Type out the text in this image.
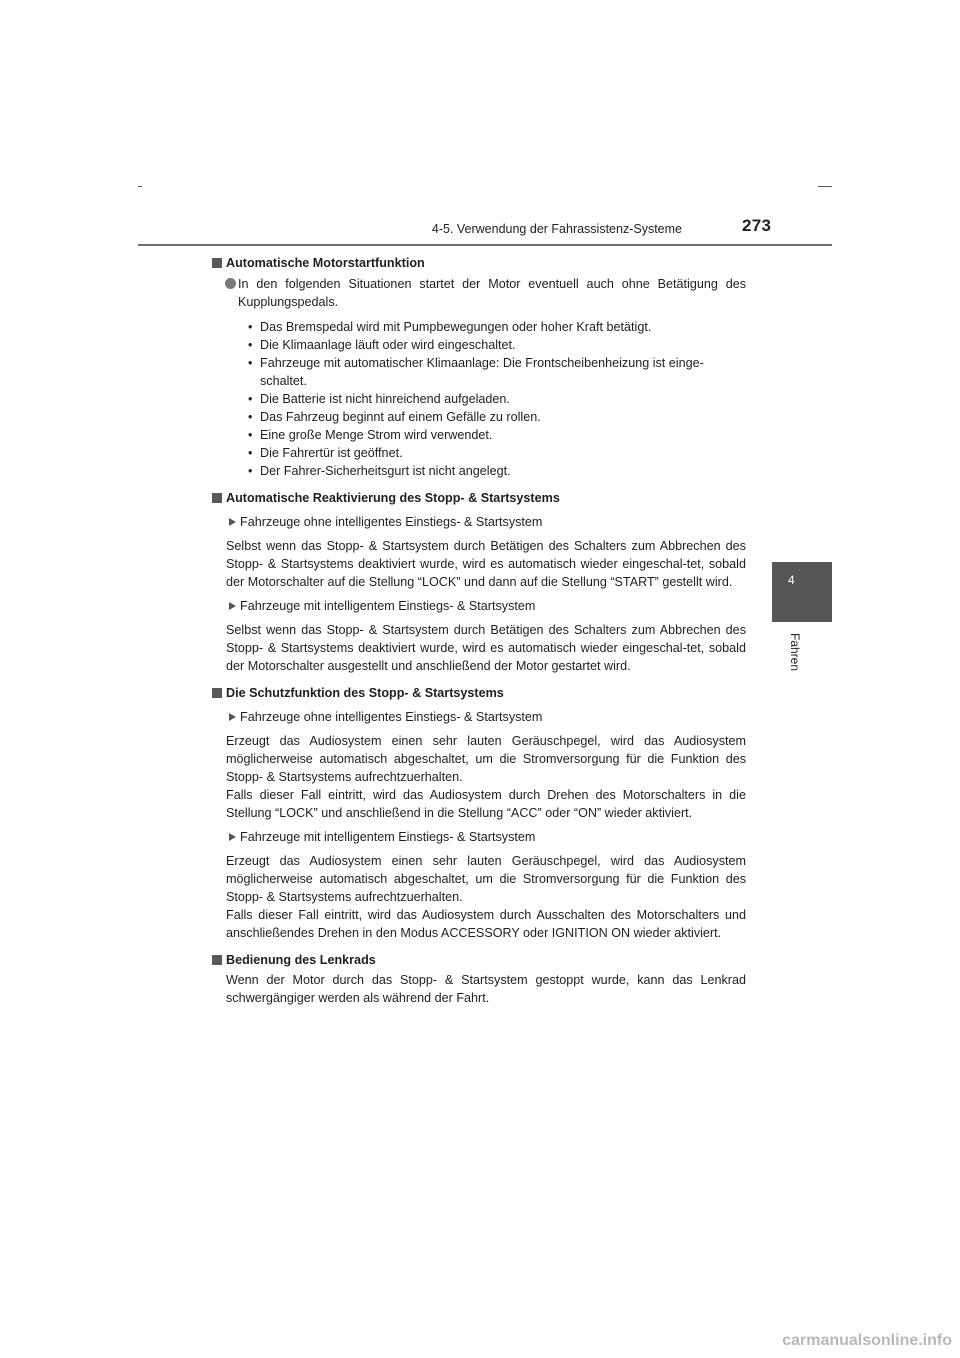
4-5. Verwendung der Fahrassistenz-Systeme	273
4
Fahren
Automatische Motorstartfunktion
In den folgenden Situationen startet der Motor eventuell auch ohne Betätigung des Kupplungspedals.
• Das Bremspedal wird mit Pumpbewegungen oder hoher Kraft betätigt.
• Die Klimaanlage läuft oder wird eingeschaltet.
• Fahrzeuge mit automatischer Klimaanlage: Die Frontscheibenheizung ist einge-schaltet.
• Die Batterie ist nicht hinreichend aufgeladen.
• Das Fahrzeug beginnt auf einem Gefälle zu rollen.
• Eine große Menge Strom wird verwendet.
• Die Fahrertür ist geöffnet.
• Der Fahrer-Sicherheitsgurt ist nicht angelegt.
Automatische Reaktivierung des Stopp- & Startsystems
Fahrzeuge ohne intelligentes Einstiegs- & Startsystem
Selbst wenn das Stopp- & Startsystem durch Betätigen des Schalters zum Abbrechen des Stopp- & Startsystems deaktiviert wurde, wird es automatisch wieder eingeschal-tet, sobald der Motorschalter auf die Stellung “LOCK” und dann auf die Stellung “START” gestellt wird.
Fahrzeuge mit intelligentem Einstiegs- & Startsystem
Selbst wenn das Stopp- & Startsystem durch Betätigen des Schalters zum Abbrechen des Stopp- & Startsystems deaktiviert wurde, wird es automatisch wieder eingeschal-tet, sobald der Motorschalter ausgestellt und anschließend der Motor gestartet wird.
Die Schutzfunktion des Stopp- & Startsystems
Fahrzeuge ohne intelligentes Einstiegs- & Startsystem
Erzeugt das Audiosystem einen sehr lauten Geräuschpegel, wird das Audiosystem möglicherweise automatisch abgeschaltet, um die Stromversorgung für die Funktion des Stopp- & Startsystems aufrechtzuerhalten.
Falls dieser Fall eintritt, wird das Audiosystem durch Drehen des Motorschalters in die Stellung “LOCK” und anschließend in die Stellung “ACC” oder “ON” wieder aktiviert.
Fahrzeuge mit intelligentem Einstiegs- & Startsystem
Erzeugt das Audiosystem einen sehr lauten Geräuschpegel, wird das Audiosystem möglicherweise automatisch abgeschaltet, um die Stromversorgung für die Funktion des Stopp- & Startsystems aufrechtzuerhalten.
Falls dieser Fall eintritt, wird das Audiosystem durch Ausschalten des Motorschalters und anschließendes Drehen in den Modus ACCESSORY oder IGNITION ON wieder aktiviert.
Bedienung des Lenkrads
Wenn der Motor durch das Stopp- & Startsystem gestoppt wurde, kann das Lenkrad schwergängiger werden als während der Fahrt.
carmanualsonline.info
